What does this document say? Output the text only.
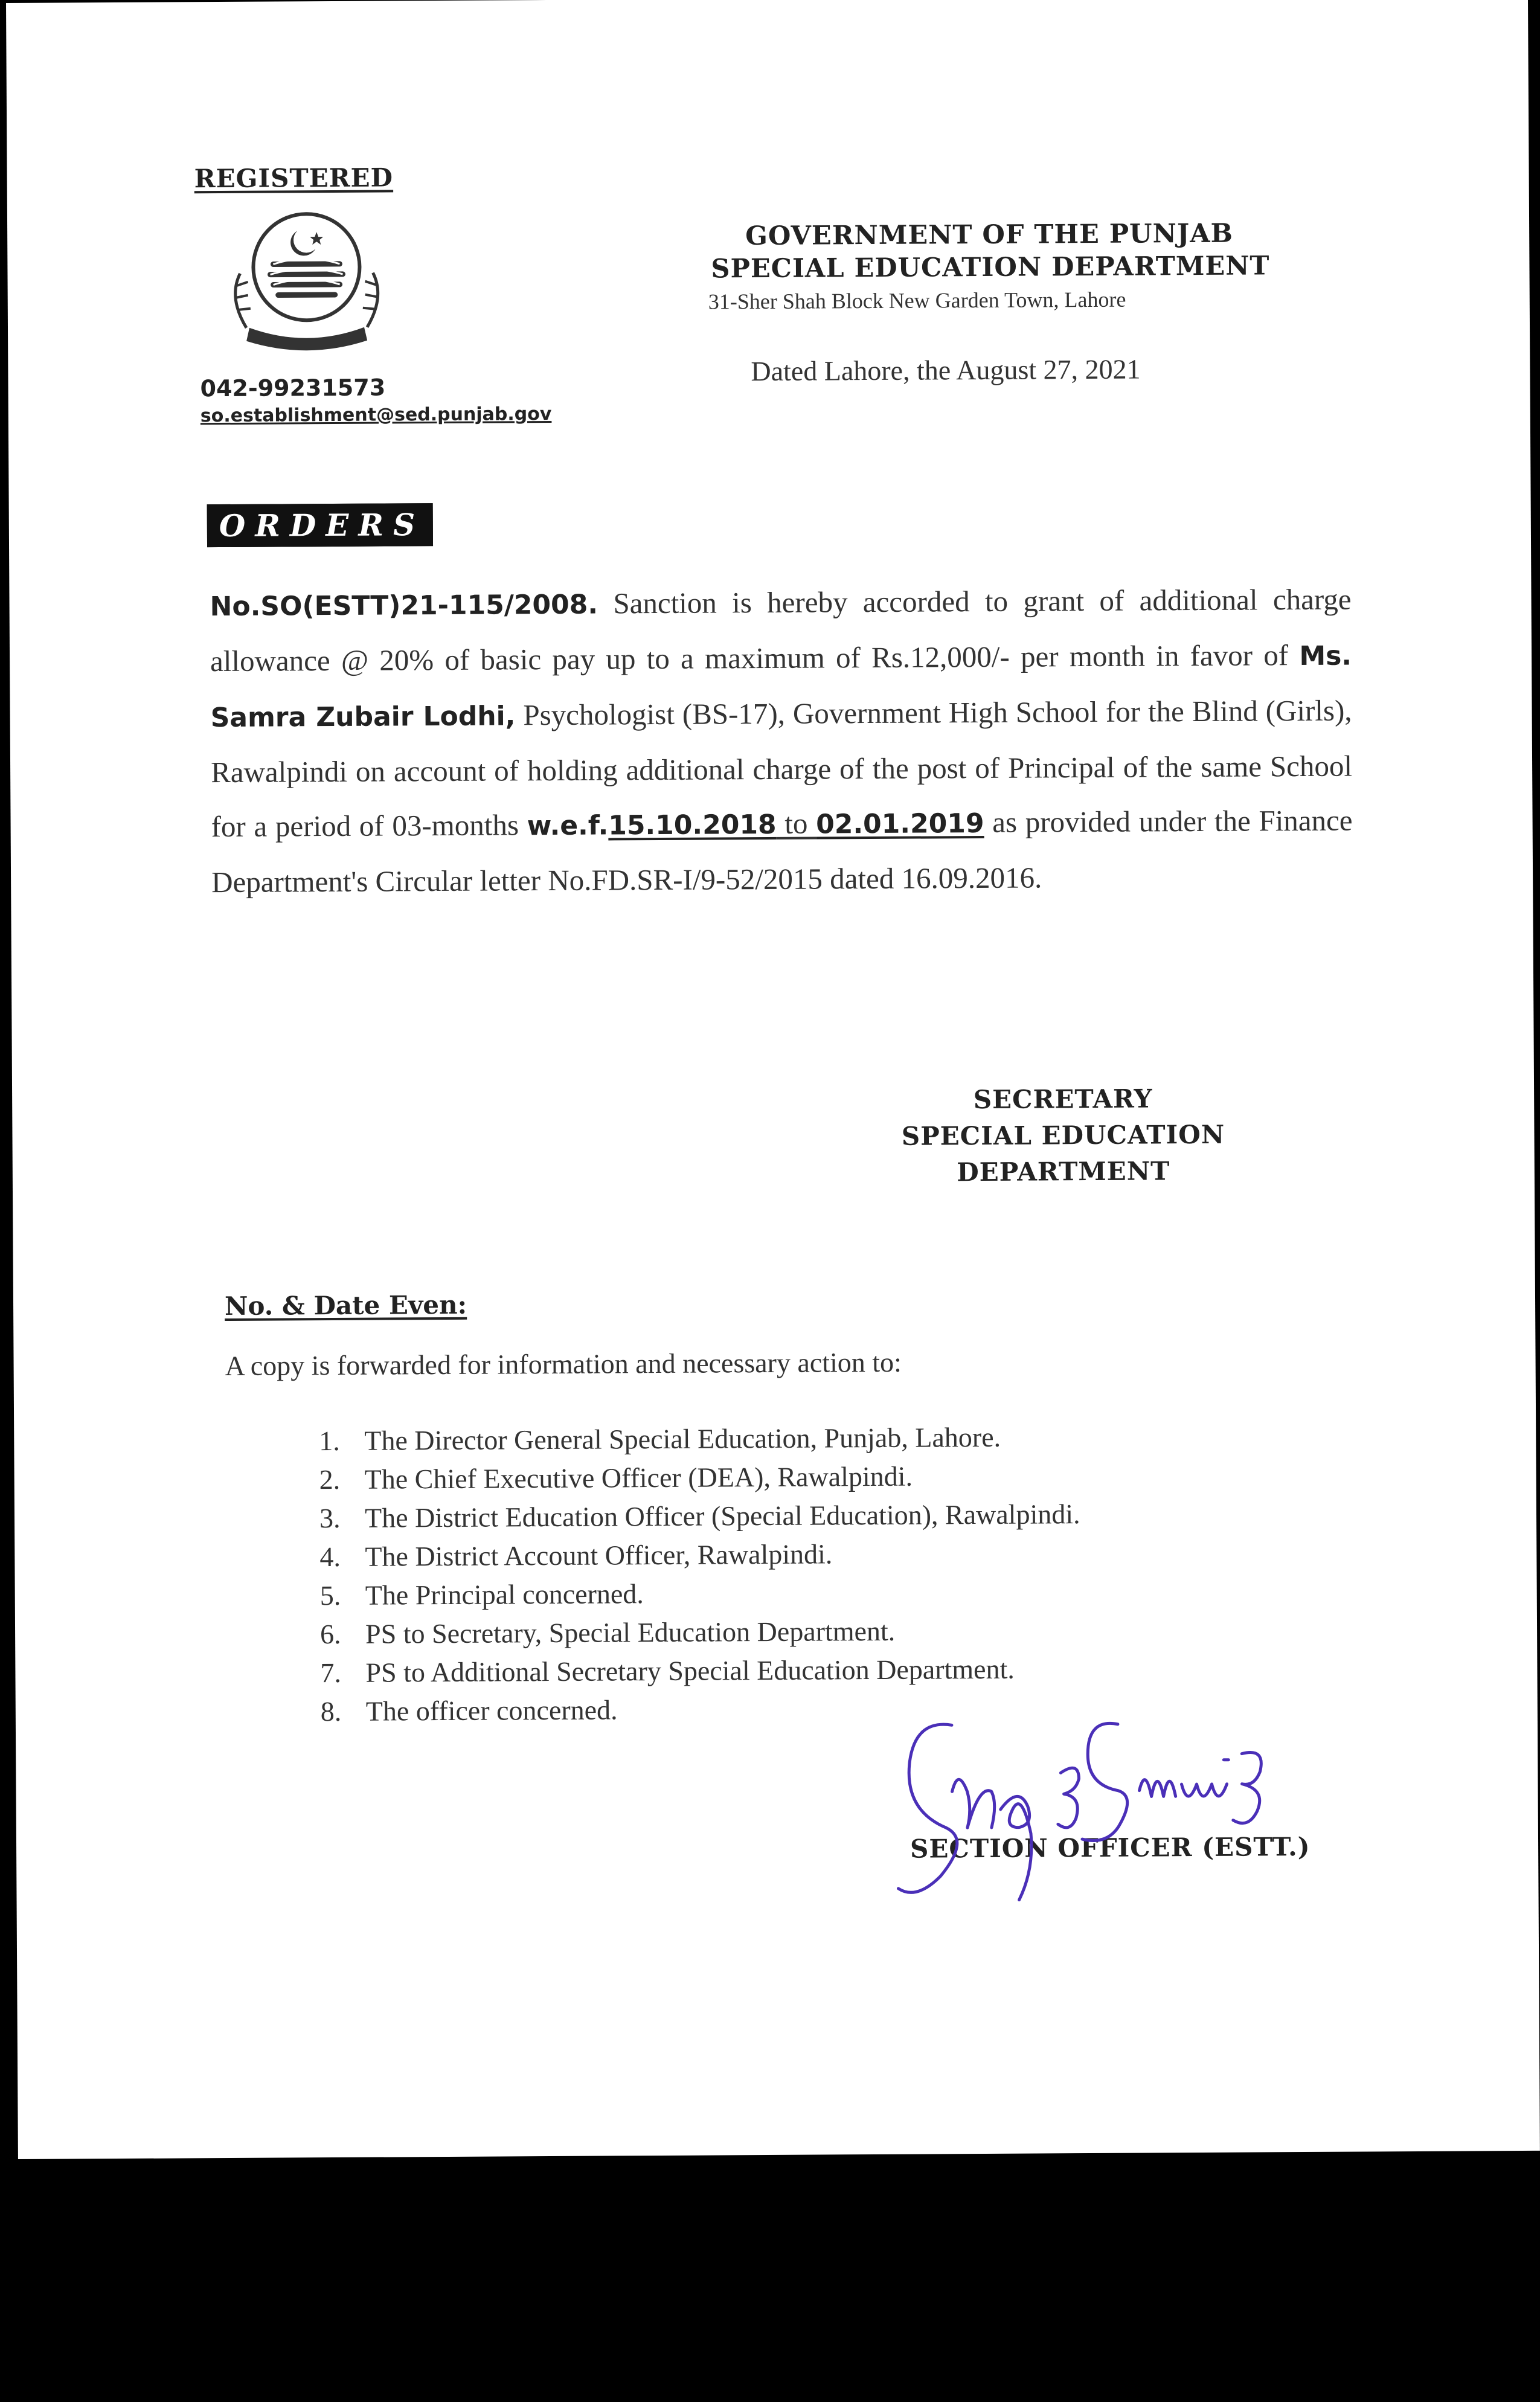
REGISTERED
042-99231573
so.establishment@sed.punjab.gov
GOVERNMENT OF THE PUNJAB
SPECIAL EDUCATION DEPARTMENT
31-Sher Shah Block New Garden Town, Lahore
Dated Lahore, the August 27, 2021
ORDERS
No.SO(ESTT)21-115/2008. Sanction is hereby accorded to grant of additional charge allowance @ 20% of basic pay up to a maximum of Rs.12,000/- per month in favor of Ms. Samra Zubair Lodhi, Psychologist (BS-17), Government High School for the Blind (Girls), Rawalpindi on account of holding additional charge of the post of Principal of the same School for a period of 03-months w.e.f.15.10.2018 to 02.01.2019 as provided under the Finance Department's Circular letter No.FD.SR-I/9-52/2015 dated 16.09.2016.
SECRETARY
SPECIAL EDUCATION
DEPARTMENT
No. & Date Even:
A copy is forwarded for information and necessary action to:
1. The Director General Special Education, Punjab, Lahore.
2. The Chief Executive Officer (DEA), Rawalpindi.
3. The District Education Officer (Special Education), Rawalpindi.
4. The District Account Officer, Rawalpindi.
5. The Principal concerned.
6. PS to Secretary, Special Education Department.
7. PS to Additional Secretary Special Education Department.
8. The officer concerned.
SECTION OFFICER (ESTT.)
